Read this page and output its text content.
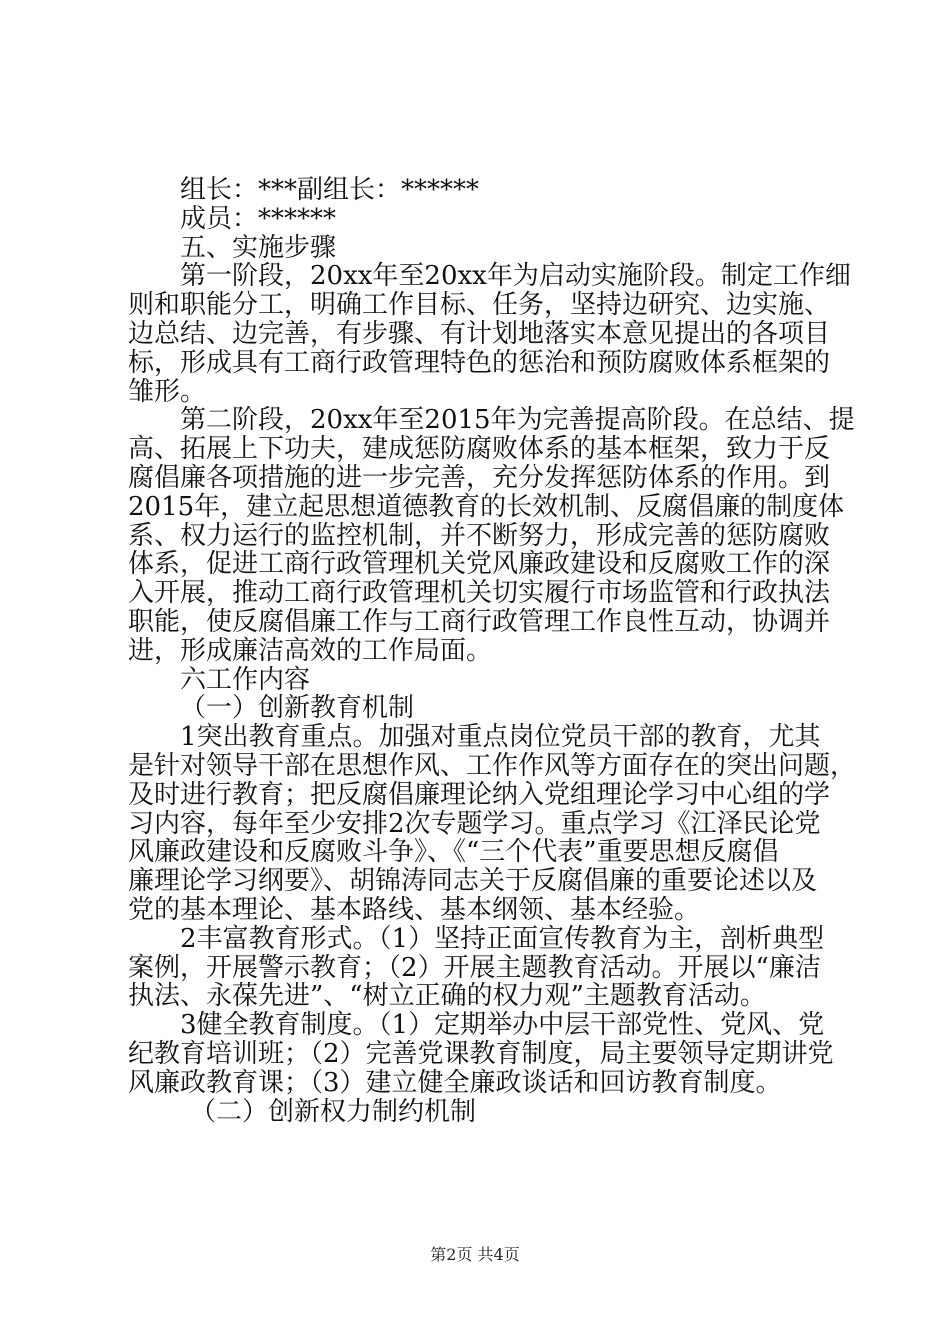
组长：***副组长：******
成员：******
五、实施步骤
第一阶段，20xx年至20xx年为启动实施阶段。制定工作细
则和职能分工，明确工作目标、任务，坚持边研究、边实施、
边总结、边完善，有步骤、有计划地落实本意见提出的各项目
标，形成具有工商行政管理特色的惩治和预防腐败体系框架的
雏形。
第二阶段，20xx年至2015年为完善提高阶段。在总结、提
高、拓展上下功夫，建成惩防腐败体系的基本框架，致力于反
腐倡廉各项措施的进一步完善，充分发挥惩防体系的作用。到
2015年，建立起思想道德教育的长效机制、反腐倡廉的制度体
系、权力运行的监控机制，并不断努力，形成完善的惩防腐败
体系，促进工商行政管理机关党风廉政建设和反腐败工作的深
入开展，推动工商行政管理机关切实履行市场监管和行政执法
职能，使反腐倡廉工作与工商行政管理工作良性互动，协调并
进，形成廉洁高效的工作局面。
六工作内容
（一）创新教育机制
1突出教育重点。加强对重点岗位党员干部的教育，尤其
是针对领导干部在思想作风、工作作风等方面存在的突出问题，
及时进行教育；把反腐倡廉理论纳入党组理论学习中心组的学
习内容，每年至少安排2次专题学习。重点学习《江泽民论党
风廉政建设和反腐败斗争》、《“三个代表”重要思想反腐倡
廉理论学习纲要》、胡锦涛同志关于反腐倡廉的重要论述以及
党的基本理论、基本路线、基本纲领、基本经验。
2丰富教育形式。（1）坚持正面宣传教育为主，剖析典型
案例，开展警示教育；（2）开展主题教育活动。开展以“廉洁
执法、永葆先进”、“树立正确的权力观”主题教育活动。
3健全教育制度。（1）定期举办中层干部党性、党风、党
纪教育培训班；（2）完善党课教育制度，局主要领导定期讲党
风廉政教育课；（3）建立健全廉政谈话和回访教育制度。
（二）创新权力制约机制
第2页 共4页
